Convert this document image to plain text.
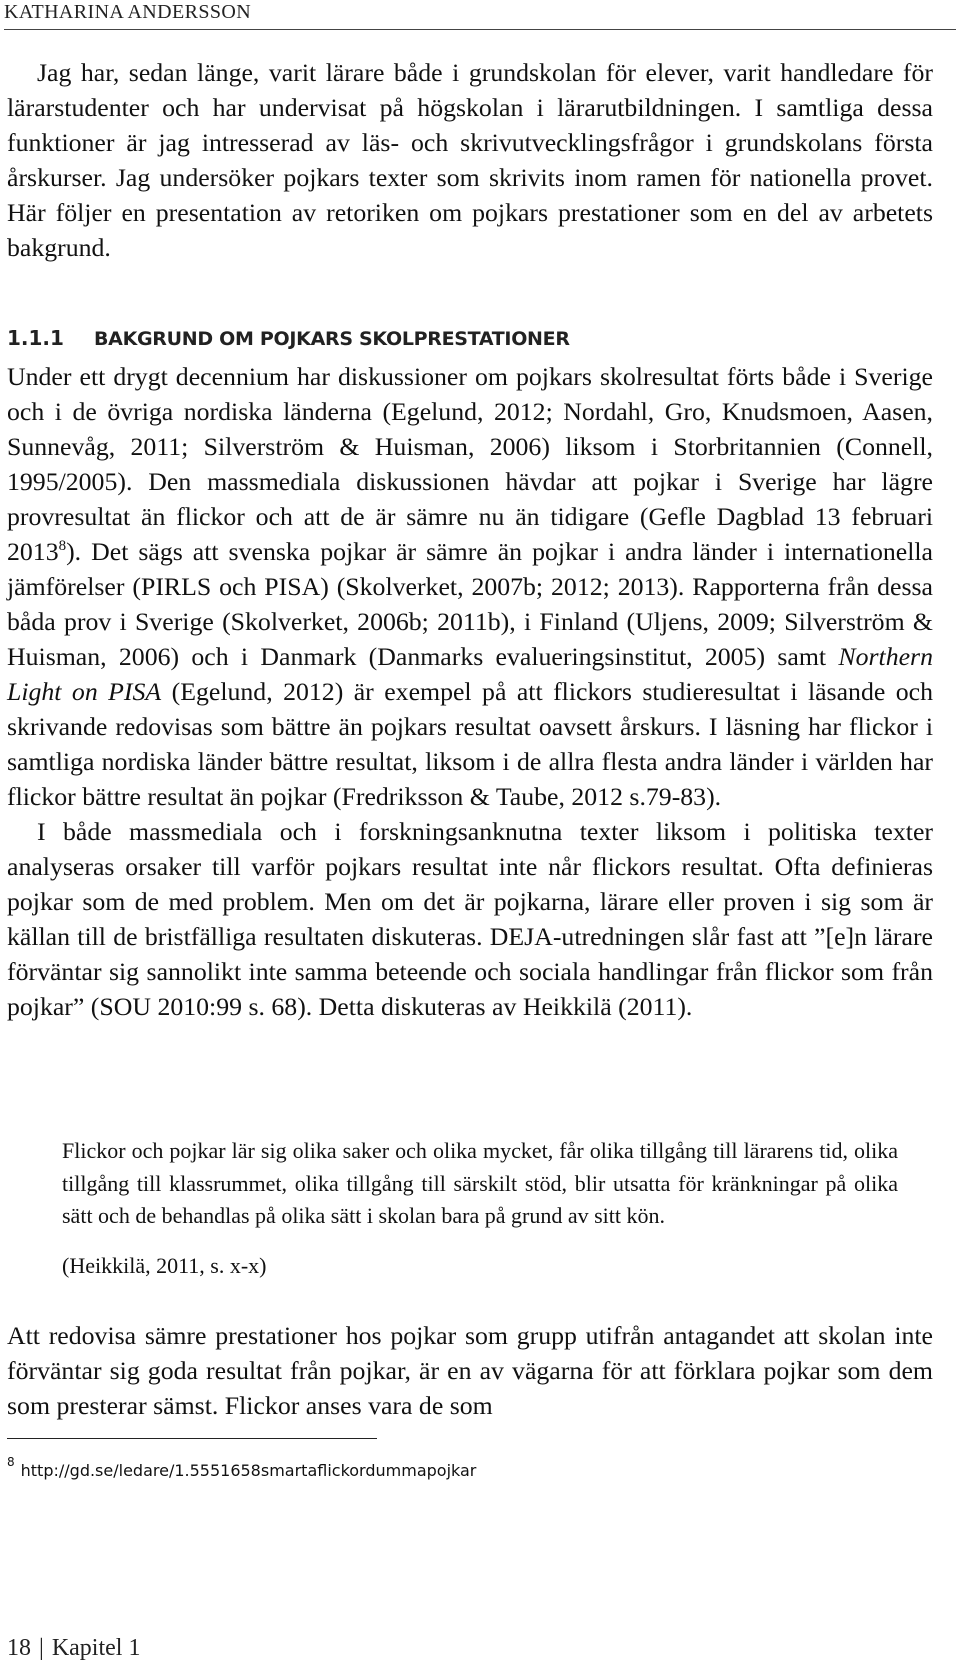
KATHARINA ANDERSSON

Jag har, sedan länge, varit lärare både i grundskolan för elever, varit handledare för lärarstudenter och har undervisat på högskolan i lärarutbildningen. I samtliga dessa funktioner är jag intresserad av läs- och skrivutvecklingsfrågor i grundskolans första årskurser. Jag undersöker pojkars texter som skrivits inom ramen för nationella provet. Här följer en presentation av retoriken om pojkars prestationer som en del av arbetets bakgrund.

1.1.1 BAKGRUND OM POJKARS SKOLPRESTATIONER

Under ett drygt decennium har diskussioner om pojkars skolresultat förts både i Sverige och i de övriga nordiska länderna (Egelund, 2012; Nordahl, Gro, Knudsmoen, Aasen, Sunnevåg, 2011; Silverström & Huisman, 2006) liksom i Storbritannien (Connell, 1995/2005). Den massmediala diskussionen hävdar att pojkar i Sverige har lägre provresultat än flickor och att de är sämre nu än tidigare (Gefle Dagblad 13 februari 2013$^8$). Det sägs att svenska pojkar är sämre än pojkar i andra länder i internationella jämförelser (PIRLS och PISA) (Skolverket, 2007b; 2012; 2013). Rapporterna från dessa båda prov i Sverige (Skolverket, 2006b; 2011b), i Finland (Uljens, 2009; Silverström & Huisman, 2006) och i Danmark (Danmarks evalueringsinstitut, 2005) samt Northern Light on PISA (Egelund, 2012) är exempel på att flickors studieresultat i läsande och skrivande redovisas som bättre än pojkars resultat oavsett årskurs. I läsning har flickor i samtliga nordiska länder bättre resultat, liksom i de allra flesta andra länder i världen har flickor bättre resultat än pojkar (Fredriksson & Taube, 2012 s.79-83).

I både massmediala och i forskningsanknutna texter liksom i politiska texter analyseras orsaker till varför pojkars resultat inte når flickors resultat. Ofta definieras pojkar som de med problem. Men om det är pojkarna, lärare eller proven i sig som är källan till de bristfälliga resultaten diskuteras. DEJA-utredningen slår fast att ”[e]n lärare förväntar sig sannolikt inte samma beteende och sociala handlingar från flickor som från pojkar” (SOU 2010:99 s. 68). Detta diskuteras av Heikkilä (2011).

Flickor och pojkar lär sig olika saker och olika mycket, får olika tillgång till lärarens tid, olika tillgång till klassrummet, olika tillgång till särskilt stöd, blir utsatta för kränkningar på olika sätt och de behandlas på olika sätt i skolan bara på grund av sitt kön.

(Heikkilä, 2011, s. x-x)

Att redovisa sämre prestationer hos pojkar som grupp utifrån antagandet att skolan inte förväntar sig goda resultat från pojkar, är en av vägarna för att förklara pojkar som dem som presterar sämst. Flickor anses vara de som

$^8$ http://gd.se/ledare/1.5551658smartaflickordummapojkar
18 | Kapitel 1
